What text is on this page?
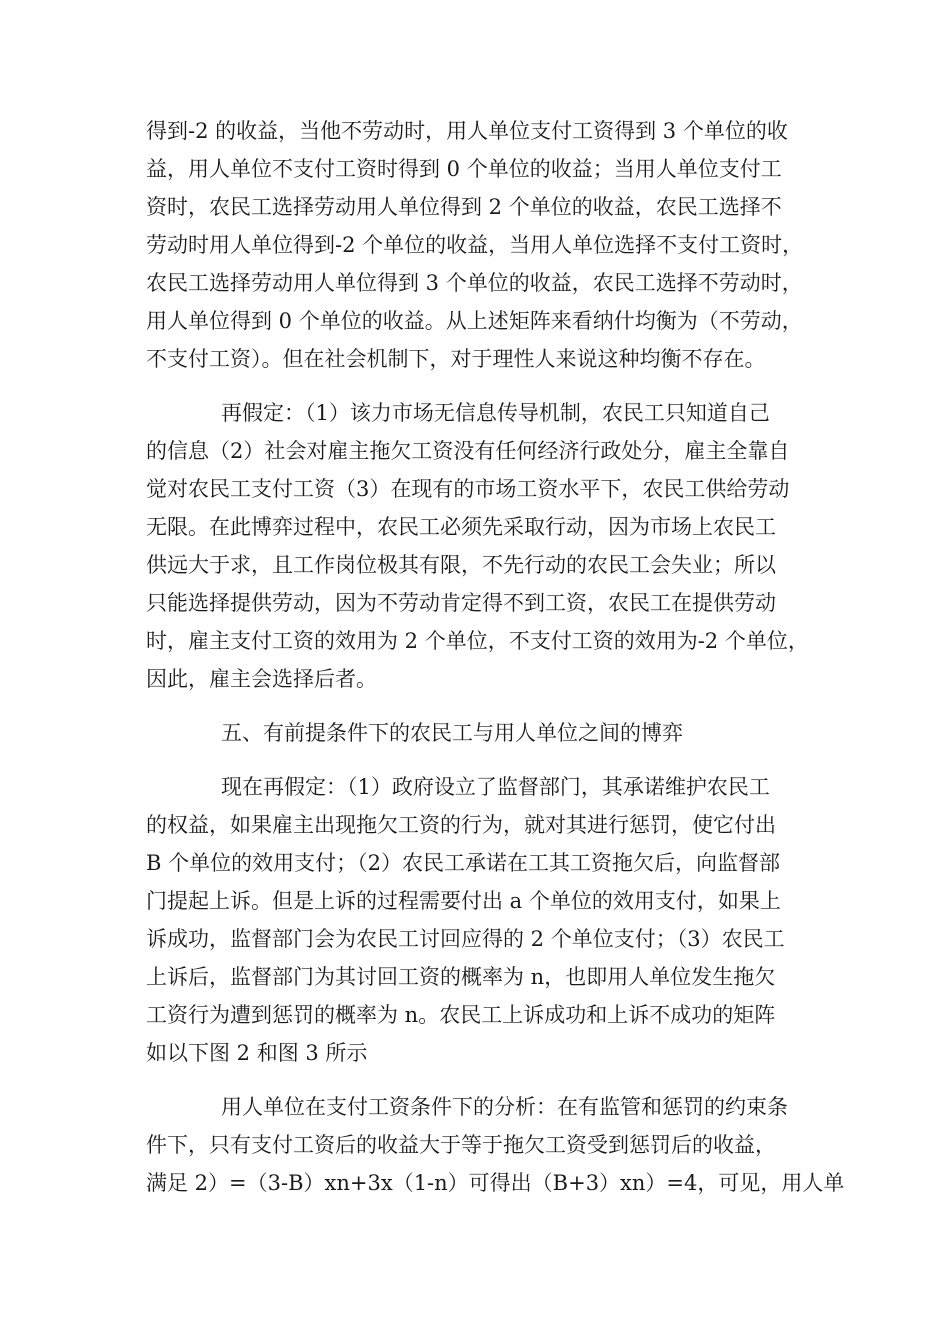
得到-2 的收益，当他不劳动时，用人单位支付工资得到 3 个单位的收
益，用人单位不支付工资时得到 0 个单位的收益；当用人单位支付工
资时，农民工选择劳动用人单位得到 2 个单位的收益，农民工选择不
劳动时用人单位得到-2 个单位的收益，当用人单位选择不支付工资时，
农民工选择劳动用人单位得到 3 个单位的收益，农民工选择不劳动时，
用人单位得到 0 个单位的收益。从上述矩阵来看纳什均衡为（不劳动，
不支付工资）。但在社会机制下，对于理性人来说这种均衡不存在。
再假定：（1）该力市场无信息传导机制，农民工只知道自己
的信息（2）社会对雇主拖欠工资没有任何经济行政处分，雇主全靠自
觉对农民工支付工资（3）在现有的市场工资水平下，农民工供给劳动
无限。在此博弈过程中，农民工必须先采取行动，因为市场上农民工
供远大于求，且工作岗位极其有限，不先行动的农民工会失业；所以
只能选择提供劳动，因为不劳动肯定得不到工资，农民工在提供劳动
时，雇主支付工资的效用为 2 个单位，不支付工资的效用为-2 个单位，
因此，雇主会选择后者。
五、有前提条件下的农民工与用人单位之间的博弈
现在再假定：（1）政府设立了监督部门，其承诺维护农民工
的权益，如果雇主出现拖欠工资的行为，就对其进行惩罚，使它付出
B 个单位的效用支付；（2）农民工承诺在工其工资拖欠后，向监督部
门提起上诉。但是上诉的过程需要付出 a 个单位的效用支付，如果上
诉成功，监督部门会为农民工讨回应得的 2 个单位支付；（3）农民工
上诉后，监督部门为其讨回工资的概率为 n，也即用人单位发生拖欠
工资行为遭到惩罚的概率为 n。农民工上诉成功和上诉不成功的矩阵
如以下图 2 和图 3 所示
用人单位在支付工资条件下的分析：在有监管和惩罚的约束条
件下，只有支付工资后的收益大于等于拖欠工资受到惩罚后的收益，
满足 2）=（3-B）xn+3x（1-n）可得出（B+3）xn）=4，可见，用人单
